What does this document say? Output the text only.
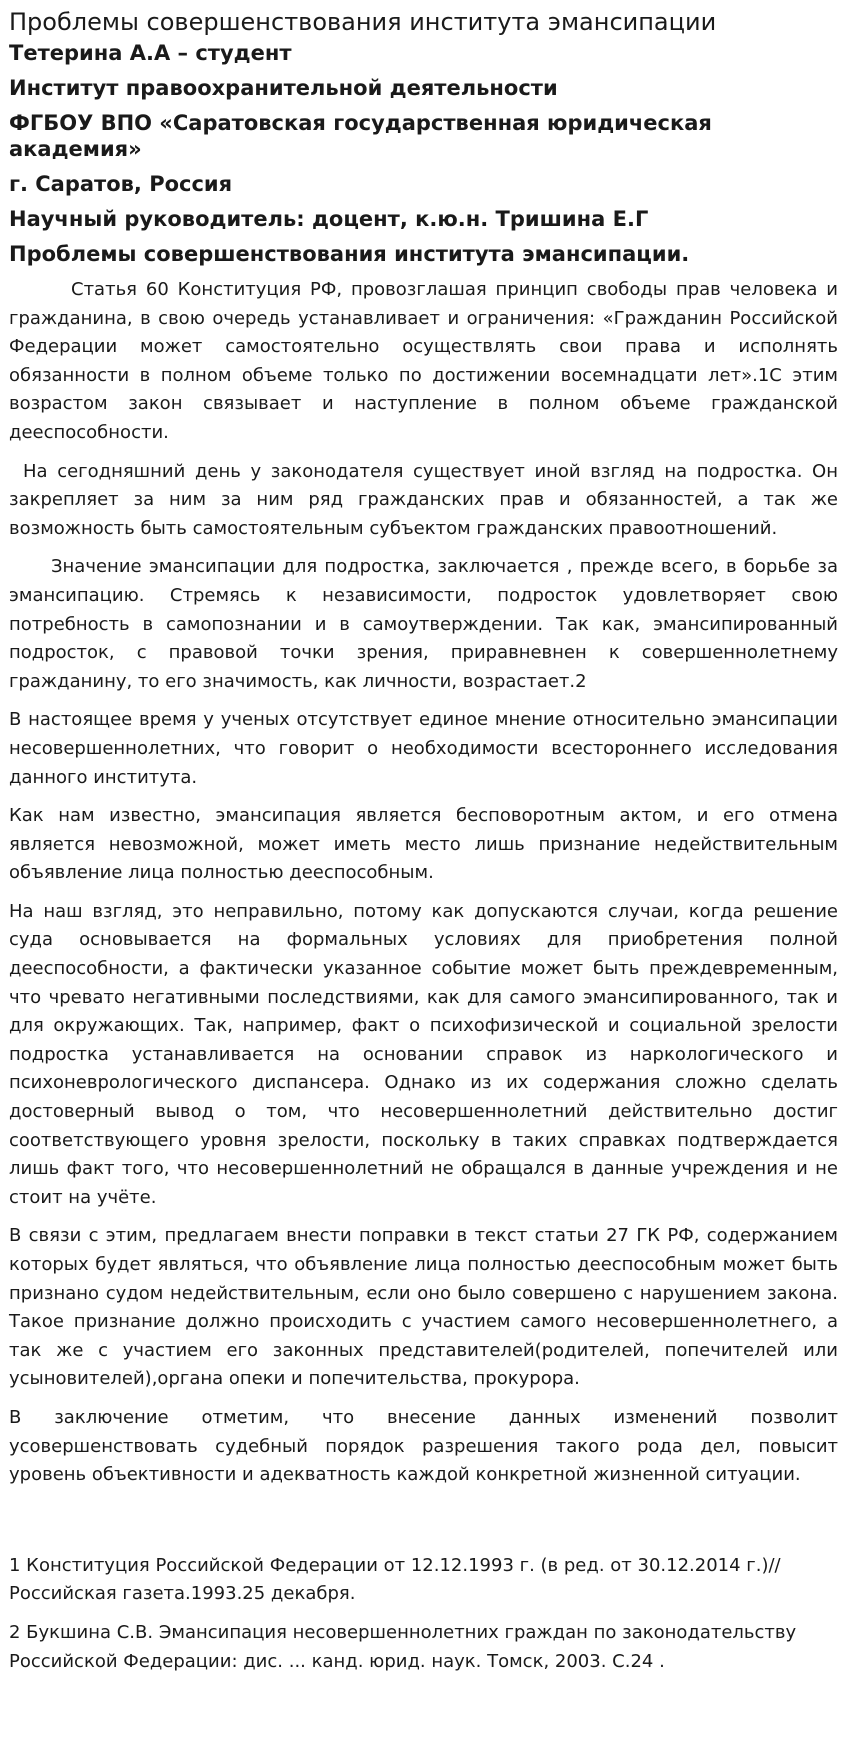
Проблемы совершенствования института эмансипации
Тетерина А.А – студент
Институт правоохранительной деятельности
ФГБОУ ВПО «Саратовская государственная юридическая академия»
г. Саратов, Россия
Научный руководитель: доцент, к.ю.н. Тришина Е.Г
Проблемы совершенствования института эмансипации.

Статья 60 Конституция РФ, провозглашая принцип свободы прав человека и гражданина, в свою очередь устанавливает и ограничения: «Гражданин Российской Федерации может самостоятельно осуществлять свои права и исполнять обязанности в полном объеме только по достижении восемнадцати лет».1С этим возрастом закон связывает и наступление в полном объеме гражданской дееспособности.

На сегодняшний день у законодателя существует иной взгляд на подростка. Он закрепляет за ним за ним ряд гражданских прав и обязанностей, а так же возможность быть самостоятельным субъектом гражданских правоотношений.

Значение эмансипации для подростка, заключается , прежде всего, в борьбе за эмансипацию. Стремясь к независимости, подросток удовлетворяет свою потребность в самопознании и в самоутверждении. Так как, эмансипированный подросток, с правовой точки зрения, приравневнен к совершеннолетнему гражданину, то его значимость, как личности, возрастает.2

В настоящее время у ученых отсутствует единое мнение относительно эмансипации несовершеннолетних, что говорит о необходимости всестороннего исследования данного института.

Как нам известно, эмансипация является бесповоротным актом, и его отмена является невозможной, может иметь место лишь признание недействительным объявление лица полностью дееспособным.

На наш взгляд, это неправильно, потому как допускаются случаи, когда решение суда основывается на формальных условиях для приобретения полной дееспособности, а фактически указанное событие может быть преждевременным, что чревато негативными последствиями, как для самого эмансипированного, так и для окружающих. Так, например, факт о психофизической и социальной зрелости подростка устанавливается на основании справок из наркологического и психоневрологического диспансера. Однако из их содержания сложно сделать достоверный вывод о том, что несовершеннолетний действительно достиг соответствующего уровня зрелости, поскольку в таких справках подтверждается лишь факт того, что несовершеннолетний не обращался в данные учреждения и не стоит на учёте.

В связи с этим, предлагаем внести поправки в текст статьи 27 ГК РФ, содержанием которых будет являться, что объявление лица полностью дееспособным может быть признано судом недействительным, если оно было совершено с нарушением закона. Такое признание должно происходить с участием самого несовершеннолетнего, а так же с участием его законных представителей(родителей, попечителей или усыновителей),органа опеки и попечительства, прокурора.

В заключение отметим, что внесение данных изменений позволит усовершенствовать судебный порядок разрешения такого рода дел, повысит уровень объективности и адекватность каждой конкретной жизненной ситуации.

1 Конституция Российской Федерации от 12.12.1993 г. (в ред. от 30.12.2014 г.)// Российская газета.1993.25 декабря.

2 Букшина С.В. Эмансипация несовершеннолетних граждан по законодательству Российской Федерации: дис. ... канд. юрид. наук. Томск, 2003. С.24 .
